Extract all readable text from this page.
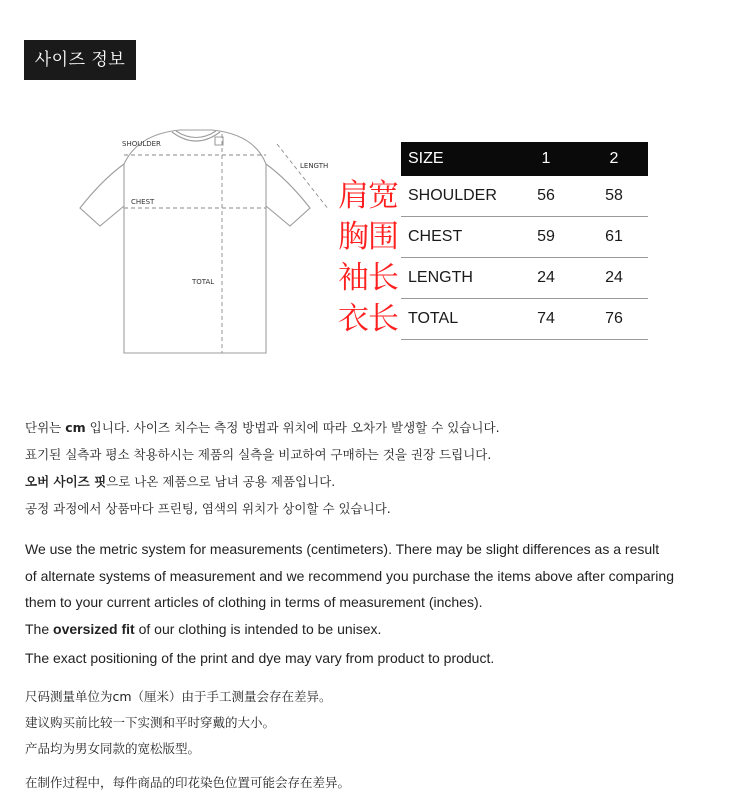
사이즈 정보
SHOULDER
LENGTH
CHEST
TOTAL
肩宽
胸围
袖长
衣长
SIZE	1	2
SHOULDER	56	58
CHEST	59	61
LENGTH	24	24
TOTAL	74	76

단위는 cm 입니다. 사이즈 치수는 측정 방법과 위치에 따라 오차가 발생할 수 있습니다.

표기된 실측과 평소 착용하시는 제품의 실측을 비교하여 구매하는 것을 권장 드립니다.

오버 사이즈 핏으로 나온 제품으로 남녀 공용 제품입니다.

공정 과정에서 상품마다 프린팅, 염색의 위치가 상이할 수 있습니다.

We use the metric system for measurements (centimeters). There may be slight differences as a result

of alternate systems of measurement and we recommend you purchase the items above after comparing

them to your current articles of clothing in terms of measurement (inches).

The oversized fit of our clothing is intended to be unisex.

The exact positioning of the print and dye may vary from product to product.

尺码测量单位为cm（厘米）由于手工测量会存在差异。

建议购买前比较一下实测和平时穿戴的大小。

产品均为男女同款的宽松版型。

在制作过程中，每件商品的印花染色位置可能会存在差异。
